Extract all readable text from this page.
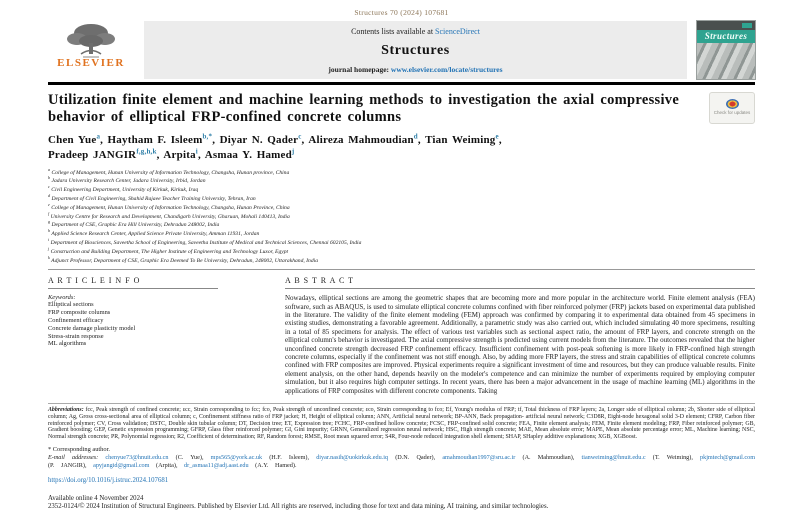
Structures 70 (2024) 107681
ELSEVIER
Contents lists available at ScienceDirect
Structures
journal homepage: www.elsevier.com/locate/structures
Structures
Utilization finite element and machine learning methods to investigation the axial compressive behavior of elliptical FRP-confined concrete columns	Check for updates
Chen Yue$^a$, Haytham F. Isleem$^{b,*}$, Diyar N. Qader$^c$, Alireza Mahmoudian$^d$, Tian Weiming$^e$,
Pradeep JANGIR$^{f,g,h,k}$, Arpita$^i$, Asmaa Y. Hamed$^j$
$^a$ College of Management, Hunan University of Information Technology, Changsha, Hunan province, China
$^b$ Jadara University Research Center, Jadara University, Irbid, Jordan
$^c$ Civil Engineering Department, University of Kirkuk, Kirkuk, Iraq
$^d$ Department of Civil Engineering, Shahid Rajaee Teacher Training University, Tehran, Iran
$^e$ College of Management, Hunan University of Information Technology, Changsha, Hunan Province, China
$^f$ University Centre for Research and Development, Chandigarh University, Gharuan, Mohali 140413, India
$^g$ Department of CSE, Graphic Era Hill University, Dehradun 248002, India
$^h$ Applied Science Research Center, Applied Science Private University, Amman 11931, Jordan
$^i$ Department of Biosciences, Saveetha School of Engineering, Saveetha Institute of Medical and Technical Sciences, Chennai 602105, India
$^j$ Construction and Building Department, The Higher Institute of Engineering and Technology Luxor, Egypt
$^k$ Adjunct Professor, Department of CSE, Graphic Era Deemed To Be University, Dehradun, 248002, Uttarakhand, India
A R T I C L E I N F O
Keywords:
Elliptical sections
FRP composite columns
Confinement efficacy
Concrete damage plasticity model
Stress-strain response
ML algorithms
A B S T R A C T

Nowadays, elliptical sections are among the geometric shapes that are becoming more and more popular in the architecture world. Finite element analysis (FEA) software, such as ABAQUS, is used to simulate elliptical concrete columns confined with fiber reinforced polymer (FRP) jackets based on experimental data published in the literature. The validity of the finite element modeling (FEM) approach was confirmed by comparing it to experimental data obtained from 45 specimens in existing studies, demonstrating a favorable agreement. Additionally, a parametric study was also carried out, which included simulating 40 more specimens, resulting in a total of 85 specimens for analysis. The effect of various test variables such as sectional aspect ratio, the amount of FRP layers, and concrete strength on the elliptical column's behavior is investigated. The axial compressive strength is predicted using current models from the literature. The outcomes revealed that the higher unconfined concrete strength decreased FRP confinement efficacy. Insufficient confinement with post-peak softening is more likely in FRP-confined high strength concrete columns, especially if the confinement was not stiff enough. Also, by adding more FRP layers, the stress and strain capabilities of elliptical concrete columns confined with FRP composites are improved. Physical experiments require a significant investment of time and resources, but they can produce valuable results. Finite element analysis, on the other hand, depends heavily on the modeler's competence and can minimize the number of experiments required by employing computer simulation, but it also requires high computer settings. In recent years, there has been a major advancement in the usage of machine learning (ML) algorithms in the applications of FRP composites with different concrete components. Taking

Abbreviations: fcc, Peak strength of confined concrete; εcc, Strain corresponding to fcc; fco, Peak strength of unconfined concrete; εco, Strain corresponding to fco; Ef, Young's modulus of FRP; tf, Total thickness of FRP layers; 2a, Longer side of elliptical column; 2b, Shorter side of elliptical column; Ag, Gross cross-sectional area of elliptical column; c, Confinement stiffness ratio of FRP jacket; H, Height of elliptical column; ANN, Artificial neural network; BP-ANN, Back propagation- artificial neural network; C3D8R, Eight-node hexagonal solid 3-D element; CFRP, Carbon fiber reinforced polymer; CV, Cross validation; DSTC, Double skin tubular column; DT, Decision tree; ET, Expression tree; FCHC, FRP-confined hollow concrete; FCSC, FRP-confined solid concrete; FEA, Finite element analysis; FEM, Finite element modeling; FRP, Fiber reinforced polymer; GB, Gradient boosting; GEP, Genetic expression programming; GFRP, Glass fiber reinforced polymer; GI, Gini impurity; GRNN, Generalized regression neural network; HSC, High strength concrete; MAE, Mean absolute error; MAPE, Mean absolute percentage error; ML, Machine learning; NSC, Normal strength concrete; PR, Polynomial regression; R2, Coefficient of determination; RF, Random forest; RMSE, Root mean squared error; S4R, Four-node reduced integration shell element; SHAP, SHapley additive explanations; XGB, XGBoost.

* Corresponding author.

E-mail addresses: chenyue73@hnuit.edu.cn (C. Yue), mps565@york.ac.uk (H.F. Isleem), diyar.nasih@uokirkuk.edu.iq (D.N. Qader), amahmoudian1997@sru.ac.ir (A. Mahmoudian), tianweiming@hnuit.edu.c (T. Weiming), pkjmtech@gmail.com (P. JANGIR), apyjangid@gmail.com (Arpita), dr_asmaa11@adj.aast.edu (A.Y. Hamed).

https://doi.org/10.1016/j.istruc.2024.107681
Available online 4 November 2024
2352-0124/© 2024 Institution of Structural Engineers. Published by Elsevier Ltd. All rights are reserved, including those for text and data mining, AI training, and similar technologies.
